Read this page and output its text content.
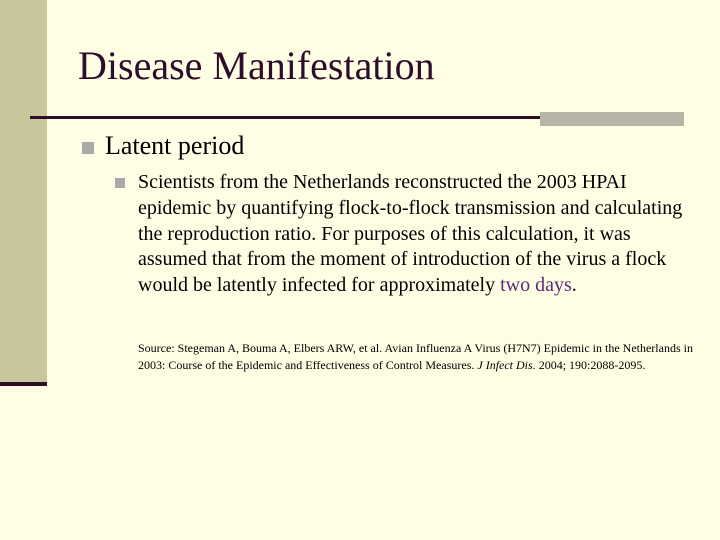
Disease Manifestation
Latent period
Scientists from the Netherlands reconstructed the 2003 HPAI epidemic by quantifying flock-to-flock transmission and calculating the reproduction ratio. For purposes of this calculation, it was assumed that from the moment of introduction of the virus a flock would be latently infected for approximately two days.
Source: Stegeman A, Bouma A, Elbers ARW, et al. Avian Influenza A Virus (H7N7) Epidemic in the Netherlands in 2003: Course of the Epidemic and Effectiveness of Control Measures. J Infect Dis. 2004; 190:2088-2095.
